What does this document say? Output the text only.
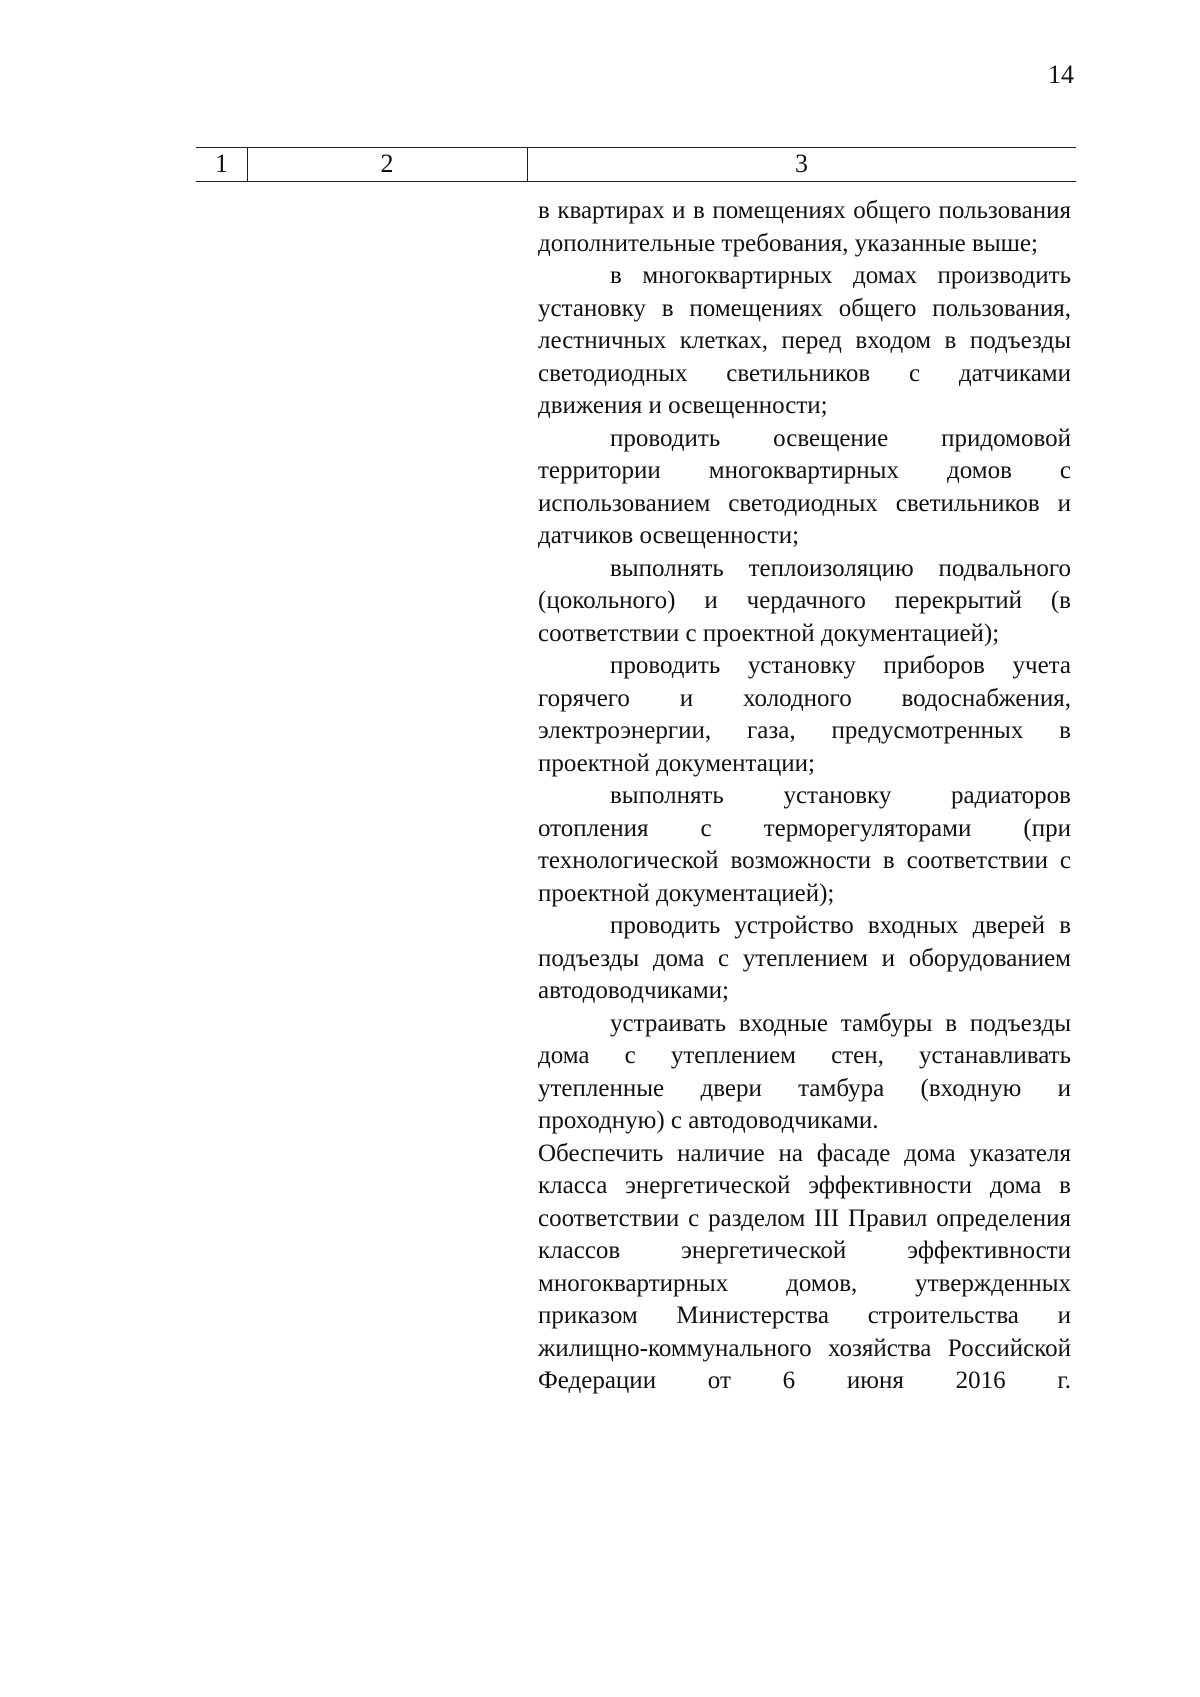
14
1	2	3

в квартирах и в помещениях общего пользования дополнительные требования, указанные выше;

в многоквартирных домах производить установку в помещениях общего пользования, лестничных клетках, перед входом в подъезды светодиодных светильников с датчиками движения и освещенности;

проводить освещение придомовой территории многоквартирных домов с использованием светодиодных светильников и датчиков освещенности;

выполнять теплоизоляцию подвального (цокольного) и чердачного перекрытий (в соответствии с проектной документацией);

проводить установку приборов учета горячего и холодного водоснабжения, электроэнергии, газа, предусмотренных в проектной документации;

выполнять установку радиаторов отопления с терморегуляторами (при технологической возможности в соответствии с проектной документацией);

проводить устройство входных дверей в подъезды дома с утеплением и оборудованием автодоводчиками;

устраивать входные тамбуры в подъезды дома с утеплением стен, устанавливать утепленные двери тамбура (входную и проходную) с автодоводчиками.

Обеспечить наличие на фасаде дома указателя класса энергетической эффективности дома в соответствии с разделом III Правил определения классов энергетической эффективности многоквартирных домов, утвержденных приказом Министерства строительства и жилищно-коммунального хозяйства Российской Федерации от 6 июня 2016 г.
